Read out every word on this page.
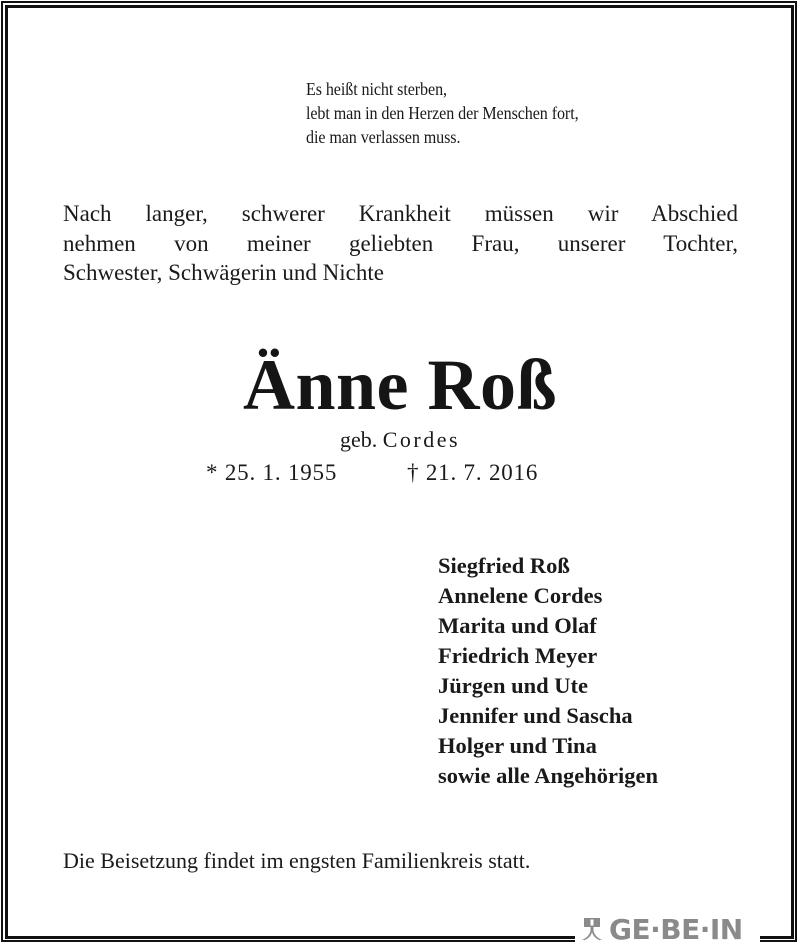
Es heißt nicht sterben,
lebt man in den Herzen der Menschen fort,
die man verlassen muss.
Nach langer, schwerer Krankheit müssen wir Abschied
nehmen von meiner geliebten Frau, unserer Tochter,
Schwester, Schwägerin und Nichte
Änne Roß
geb. Cordes
* 25. 1. 1955	† 21. 7. 2016
Siegfried Roß
Annelene Cordes
Marita und Olaf
Friedrich Meyer
Jürgen und Ute
Jennifer und Sascha
Holger und Tina
sowie alle Angehörigen
Die Beisetzung findet im engsten Familienkreis statt.
GE·BE·IN
